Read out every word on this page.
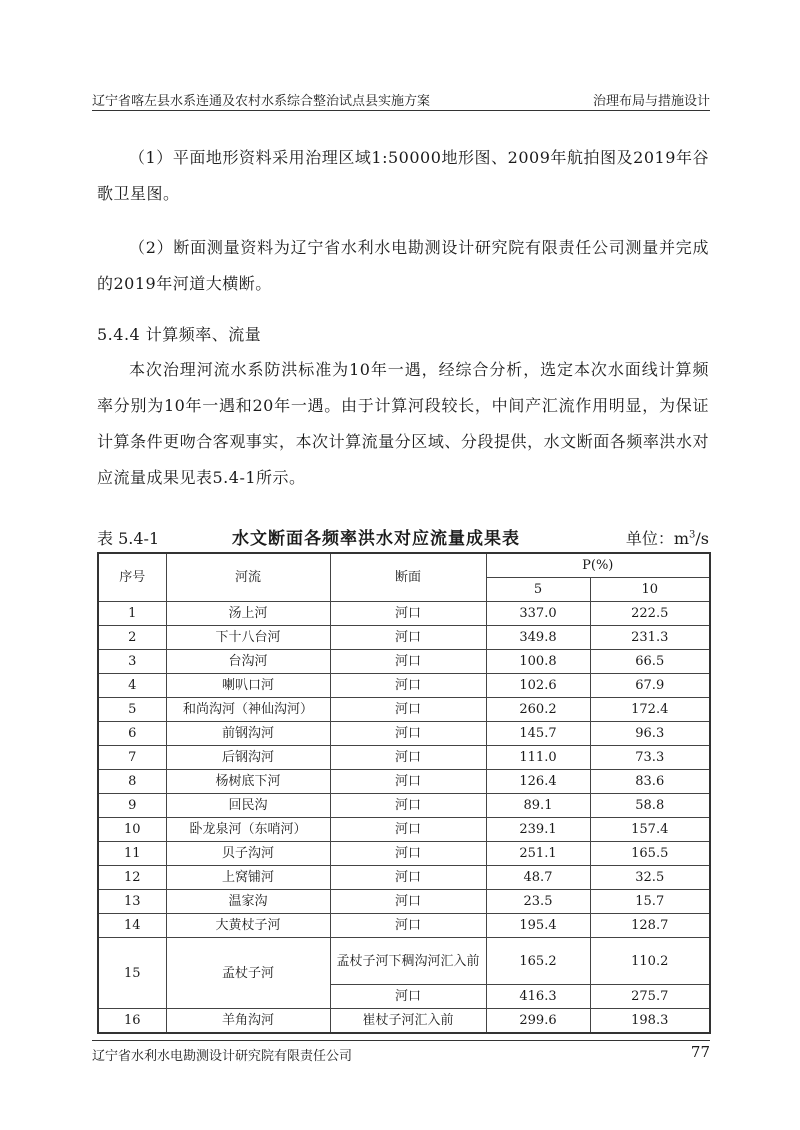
辽宁省喀左县水系连通及农村水系综合整治试点县实施方案	治理布局与措施设计

（1）平面地形资料采用治理区域1:50000地形图、2009年航拍图及2019年谷歌卫星图。

（2）断面测量资料为辽宁省水利水电勘测设计研究院有限责任公司测量并完成的2019年河道大横断。

5.4.4 计算频率、流量

本次治理河流水系防洪标准为10年一遇，经综合分析，选定本次水面线计算频率分别为10年一遇和20年一遇。由于计算河段较长，中间产汇流作用明显，为保证计算条件更吻合客观事实，本次计算流量分区域、分段提供，水文断面各频率洪水对应流量成果见表5.4-1所示。

表 5.4-1	水文断面各频率洪水对应流量成果表	单位：$m^3/s$
序号	河流	断面	P(%)	
			5	10
1	汤上河	河口	337.0	222.5
2	下十八台河	河口	349.8	231.3
3	台沟河	河口	100.8	66.5
4	喇叭口河	河口	102.6	67.9
5	和尚沟河（神仙沟河）	河口	260.2	172.4
6	前钢沟河	河口	145.7	96.3
7	后钢沟河	河口	111.0	73.3
8	杨树底下河	河口	126.4	83.6
9	回民沟	河口	89.1	58.8
10	卧龙泉河（东哨河）	河口	239.1	157.4
11	贝子沟河	河口	251.1	165.5
12	上窝铺河	河口	48.7	32.5
13	温家沟	河口	23.5	15.7
14	大黄杖子河	河口	195.4	128.7
15	孟杖子河	孟杖子河下稠沟河汇入前	165.2	110.2
		河口	416.3	275.7
16	羊角沟河	崔杖子河汇入前	299.6	198.3
辽宁省水利水电勘测设计研究院有限责任公司	77
